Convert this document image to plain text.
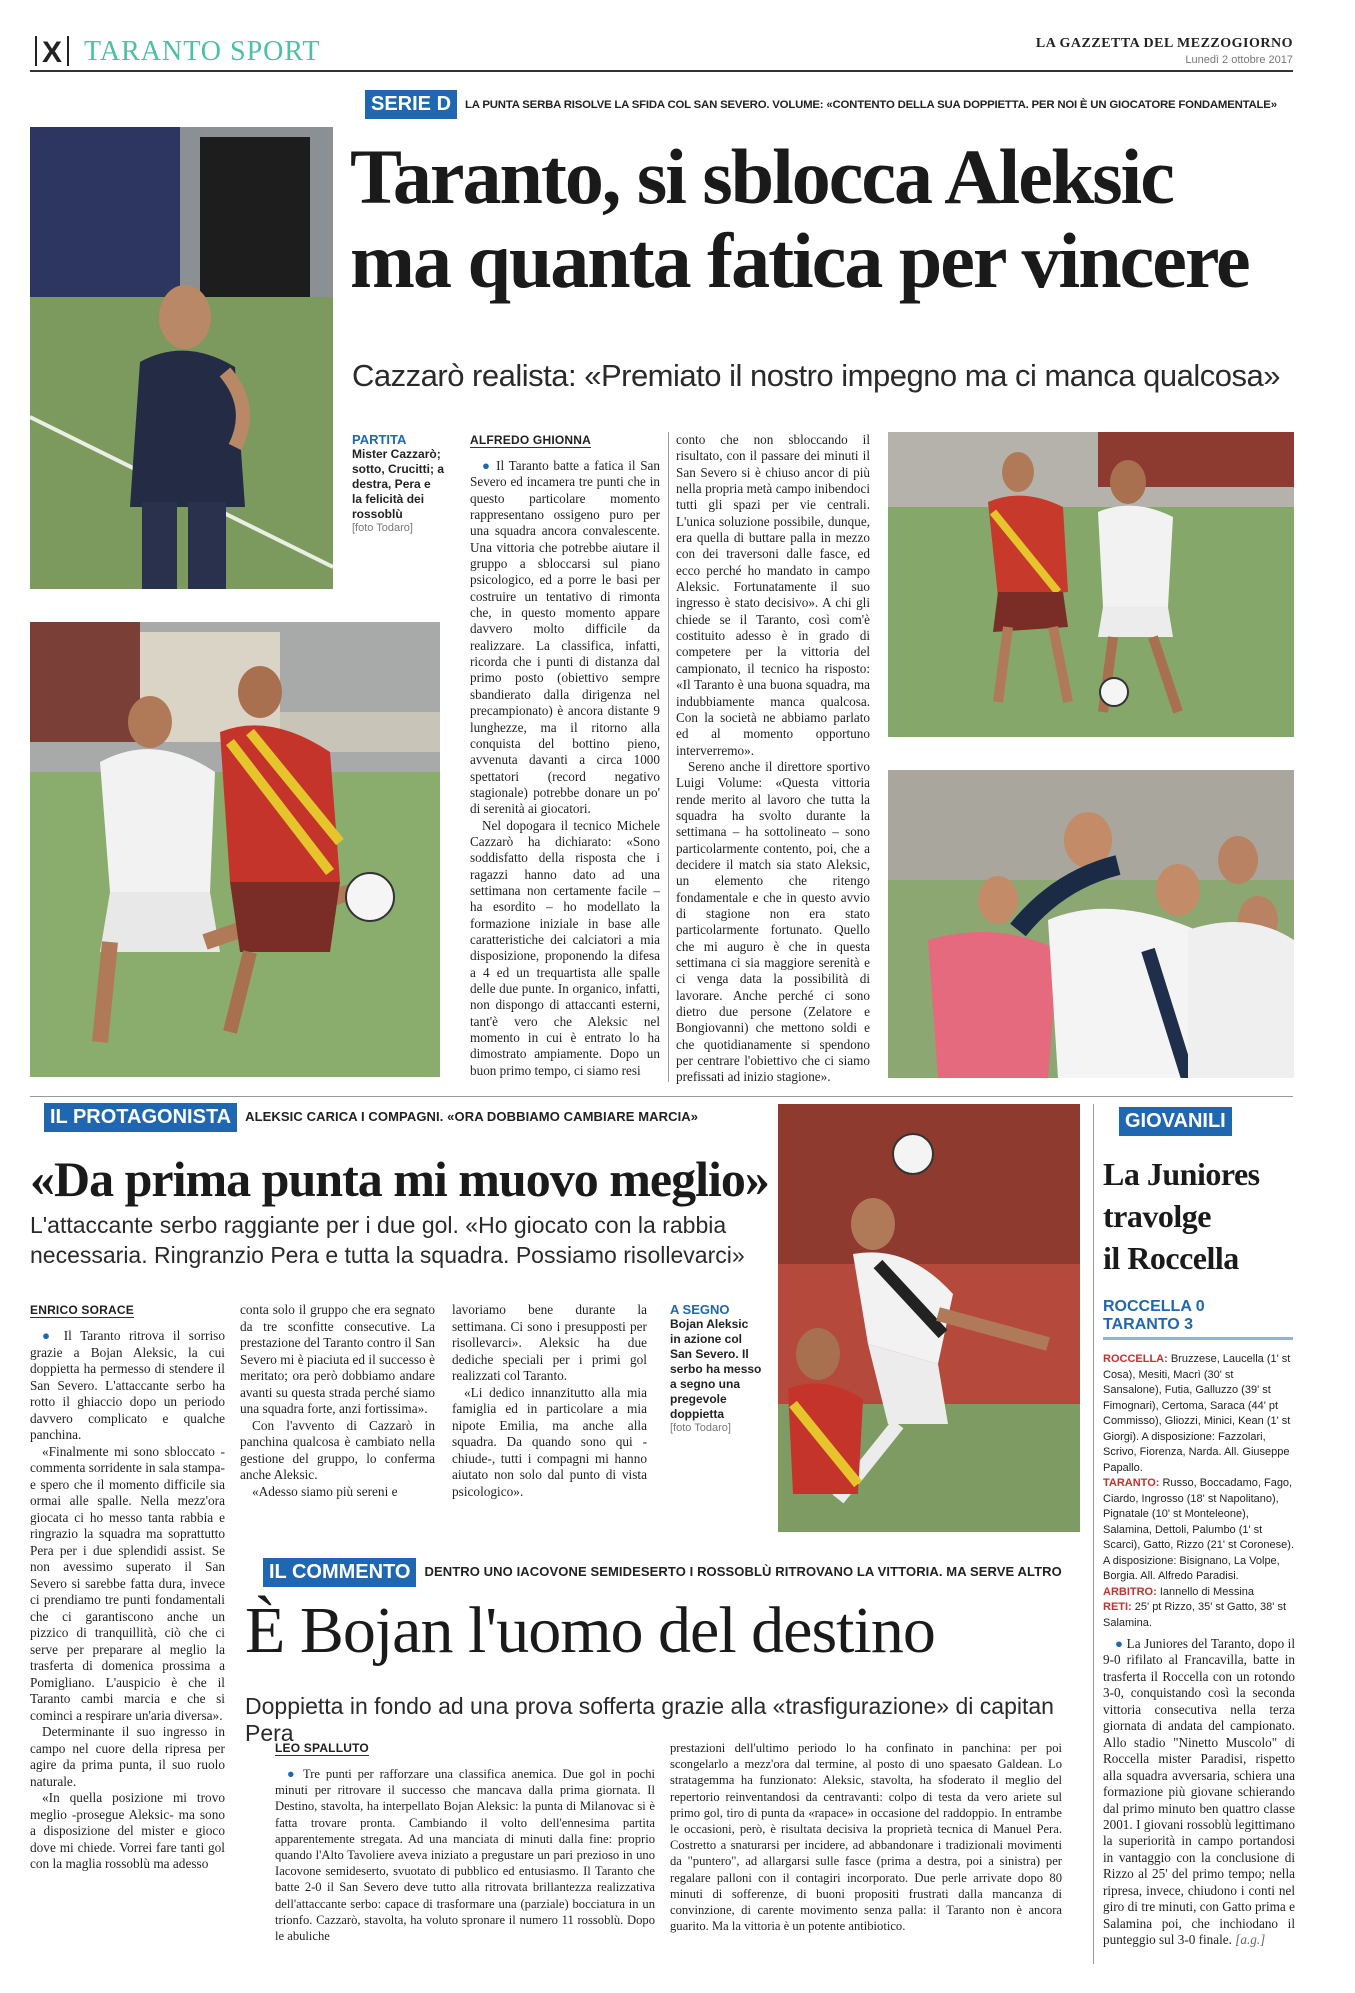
X TARANTO SPORT	LA GAZZETTA DEL MEZZOGIORNO
Lunedì 2 ottobre 2017
SERIE D LA PUNTA SERBA RISOLVE LA SFIDA COL SAN SEVERO. VOLUME: «CONTENTO DELLA SUA DOPPIETTA. PER NOI È UN GIOCATORE FONDAMENTALE»
Taranto, si sblocca Aleksic
ma quanta fatica per vincere
Cazzarò realista: «Premiato il nostro impegno ma ci manca qualcosa»
PARTITA
Mister Cazzarò; sotto, Crucitti; a destra, Pera e la felicità dei rossoblù
[foto Todaro]
ALFREDO GHIONNA

● Il Taranto batte a fatica il San Severo ed incamera tre punti che in questo particolare momento rappresentano ossigeno puro per una squadra ancora convalescente. Una vittoria che potrebbe aiutare il gruppo a sbloccarsi sul piano psicologico, ed a porre le basi per costruire un tentativo di rimonta che, in questo momento appare davvero molto difficile da realizzare. La classifica, infatti, ricorda che i punti di distanza dal primo posto (obiettivo sempre sbandierato dalla dirigenza nel precampionato) è ancora distante 9 lunghezze, ma il ritorno alla conquista del bottino pieno, avvenuta davanti a circa 1000 spettatori (record negativo stagionale) potrebbe donare un po' di serenità ai giocatori.

Nel dopogara il tecnico Michele Cazzarò ha dichiarato: «Sono soddisfatto della risposta che i ragazzi hanno dato ad una settimana non certamente facile – ha esordito – ho modellato la formazione iniziale in base alle caratteristiche dei calciatori a mia disposizione, proponendo la difesa a 4 ed un trequartista alle spalle delle due punte. In organico, infatti, non dispongo di attaccanti esterni, tant'è vero che Aleksic nel momento in cui è entrato lo ha dimostrato ampiamente. Dopo un buon primo tempo, ci siamo resi

conto che non sbloccando il risultato, con il passare dei minuti il San Severo si è chiuso ancor di più nella propria metà campo inibendoci tutti gli spazi per vie centrali. L'unica soluzione possibile, dunque, era quella di buttare palla in mezzo con dei traversoni dalle fasce, ed ecco perché ho mandato in campo Aleksic. Fortunatamente il suo ingresso è stato decisivo». A chi gli chiede se il Taranto, così com'è costituito adesso è in grado di competere per la vittoria del campionato, il tecnico ha risposto: «Il Taranto è una buona squadra, ma indubbiamente manca qualcosa. Con la società ne abbiamo parlato ed al momento opportuno interverremo».

Sereno anche il direttore sportivo Luigi Volume: «Questa vittoria rende merito al lavoro che tutta la squadra ha svolto durante la settimana – ha sottolineato – sono particolarmente contento, poi, che a decidere il match sia stato Aleksic, un elemento che ritengo fondamentale e che in questo avvio di stagione non era stato particolarmente fortunato. Quello che mi auguro è che in questa settimana ci sia maggiore serenità e ci venga data la possibilità di lavorare. Anche perché ci sono dietro due persone (Zelatore e Bongiovanni) che mettono soldi e che quotidianamente si spendono per centrare l'obiettivo che ci siamo prefissati ad inizio stagione».

IL PROTAGONISTA ALEKSIC CARICA I COMPAGNI. «ORA DOBBIAMO CAMBIARE MARCIA»
«Da prima punta mi muovo meglio»
L'attaccante serbo raggiante per i due gol. «Ho giocato con la rabbia necessaria. Ringranzio Pera e tutta la squadra. Possiamo risollevarci»
ENRICO SORACE

● Il Taranto ritrova il sorriso grazie a Bojan Aleksic, la cui doppietta ha permesso di stendere il San Severo. L'attaccante serbo ha rotto il ghiaccio dopo un periodo davvero complicato e qualche panchina.

«Finalmente mi sono sbloccato -commenta sorridente in sala stampa- e spero che il momento difficile sia ormai alle spalle. Nella mezz'ora giocata ci ho messo tanta rabbia e ringrazio la squadra ma soprattutto Pera per i due splendidi assist. Se non avessimo superato il San Severo si sarebbe fatta dura, invece ci prendiamo tre punti fondamentali che ci garantiscono anche un pizzico di tranquillità, ciò che ci serve per preparare al meglio la trasferta di domenica prossima a Pomigliano. L'auspicio è che il Taranto cambi marcia e che si cominci a respirare un'aria diversa».

Determinante il suo ingresso in campo nel cuore della ripresa per agire da prima punta, il suo ruolo naturale.

«In quella posizione mi trovo meglio -prosegue Aleksic- ma sono a disposizione del mister e gioco dove mi chiede. Vorrei fare tanti gol con la maglia rossoblù ma adesso

conta solo il gruppo che era segnato da tre sconfitte consecutive. La prestazione del Taranto contro il San Severo mi è piaciuta ed il successo è meritato; ora però dobbiamo andare avanti su questa strada perché siamo una squadra forte, anzi fortissima».

Con l'avvento di Cazzarò in panchina qualcosa è cambiato nella gestione del gruppo, lo conferma anche Aleksic.

«Adesso siamo più sereni e

lavoriamo bene durante la settimana. Ci sono i presupposti per risollevarci». Aleksic ha due dediche speciali per i primi gol realizzati col Taranto.

«Li dedico innanzitutto alla mia famiglia ed in particolare a mia nipote Emilia, ma anche alla squadra. Da quando sono qui -chiude-, tutti i compagni mi hanno aiutato non solo dal punto di vista psicologico».

A SEGNO
Bojan Aleksic in azione col San Severo. Il serbo ha messo a segno una pregevole doppietta
[foto Todaro]
GIOVANILI
La Juniores
travolge
il Roccella
ROCCELLA 0
TARANTO 3
ROCCELLA: Bruzzese, Laucella (1' st Cosa), Mesiti, Macrì (30' st Sansalone), Futia, Galluzzo (39' st Fimognari), Certoma, Saraca (44' pt Commisso), Gliozzi, Minici, Kean (1' st Giorgi). A disposizione: Fazzolari, Scrivo, Fiorenza, Narda. All. Giuseppe Papallo.
TARANTO: Russo, Boccadamo, Fago, Ciardo, Ingrosso (18' st Napolitano), Pignatale (10' st Monteleone), Salamina, Dettoli, Palumbo (1' st Scarci), Gatto, Rizzo (21' st Coronese). A disposizione: Bisignano, La Volpe, Borgia. All. Alfredo Paradisi.
ARBITRO: Iannello di Messina
RETI: 25' pt Rizzo, 35' st Gatto, 38' st Salamina.

● La Juniores del Taranto, dopo il 9-0 rifilato al Francavilla, batte in trasferta il Roccella con un rotondo 3-0, conquistando così la seconda vittoria consecutiva nella terza giornata di andata del campionato. Allo stadio "Ninetto Muscolo" di Roccella mister Paradisi, rispetto alla squadra avversaria, schiera una formazione più giovane schierando dal primo minuto ben quattro classe 2001. I giovani rossoblù legittimano la superiorità in campo portandosi in vantaggio con la conclusione di Rizzo al 25' del primo tempo; nella ripresa, invece, chiudono i conti nel giro di tre minuti, con Gatto prima e Salamina poi, che inchiodano il punteggio sul 3-0 finale. [a.g.]

IL COMMENTO DENTRO UNO IACOVONE SEMIDESERTO I ROSSOBLÙ RITROVANO LA VITTORIA. MA SERVE ALTRO
È Bojan l'uomo del destino
Doppietta in fondo ad una prova sofferta grazie alla «trasfigurazione» di capitan Pera
LEO SPALLUTO

● Tre punti per rafforzare una classifica anemica. Due gol in pochi minuti per ritrovare il successo che mancava dalla prima giornata. Il Destino, stavolta, ha interpellato Bojan Aleksic: la punta di Milanovac si è fatta trovare pronta. Cambiando il volto dell'ennesima partita apparentemente stregata. Ad una manciata di minuti dalla fine: proprio quando l'Alto Tavoliere aveva iniziato a pregustare un pari prezioso in uno Iacovone semideserto, svuotato di pubblico ed entusiasmo. Il Taranto che batte 2-0 il San Severo deve tutto alla ritrovata brillantezza realizzativa dell'attaccante serbo: capace di trasformare una (parziale) bocciatura in un trionfo. Cazzarò, stavolta, ha voluto spronare il numero 11 rossoblù. Dopo le abuliche

prestazioni dell'ultimo periodo lo ha confinato in panchina: per poi scongelarlo a mezz'ora dal termine, al posto di uno spaesato Galdean. Lo stratagemma ha funzionato: Aleksic, stavolta, ha sfoderato il meglio del repertorio reinventandosi da centravanti: colpo di testa da vero ariete sul primo gol, tiro di punta da «rapace» in occasione del raddoppio. In entrambe le occasioni, però, è risultata decisiva la proprietà tecnica di Manuel Pera. Costretto a snaturarsi per incidere, ad abbandonare i tradizionali movimenti da "puntero", ad allargarsi sulle fasce (prima a destra, poi a sinistra) per regalare palloni con il contagiri incorporato. Due perle arrivate dopo 80 minuti di sofferenze, di buoni propositi frustrati dalla mancanza di convinzione, di carente movimento senza palla: il Taranto non è ancora guarito. Ma la vittoria è un potente antibiotico.
